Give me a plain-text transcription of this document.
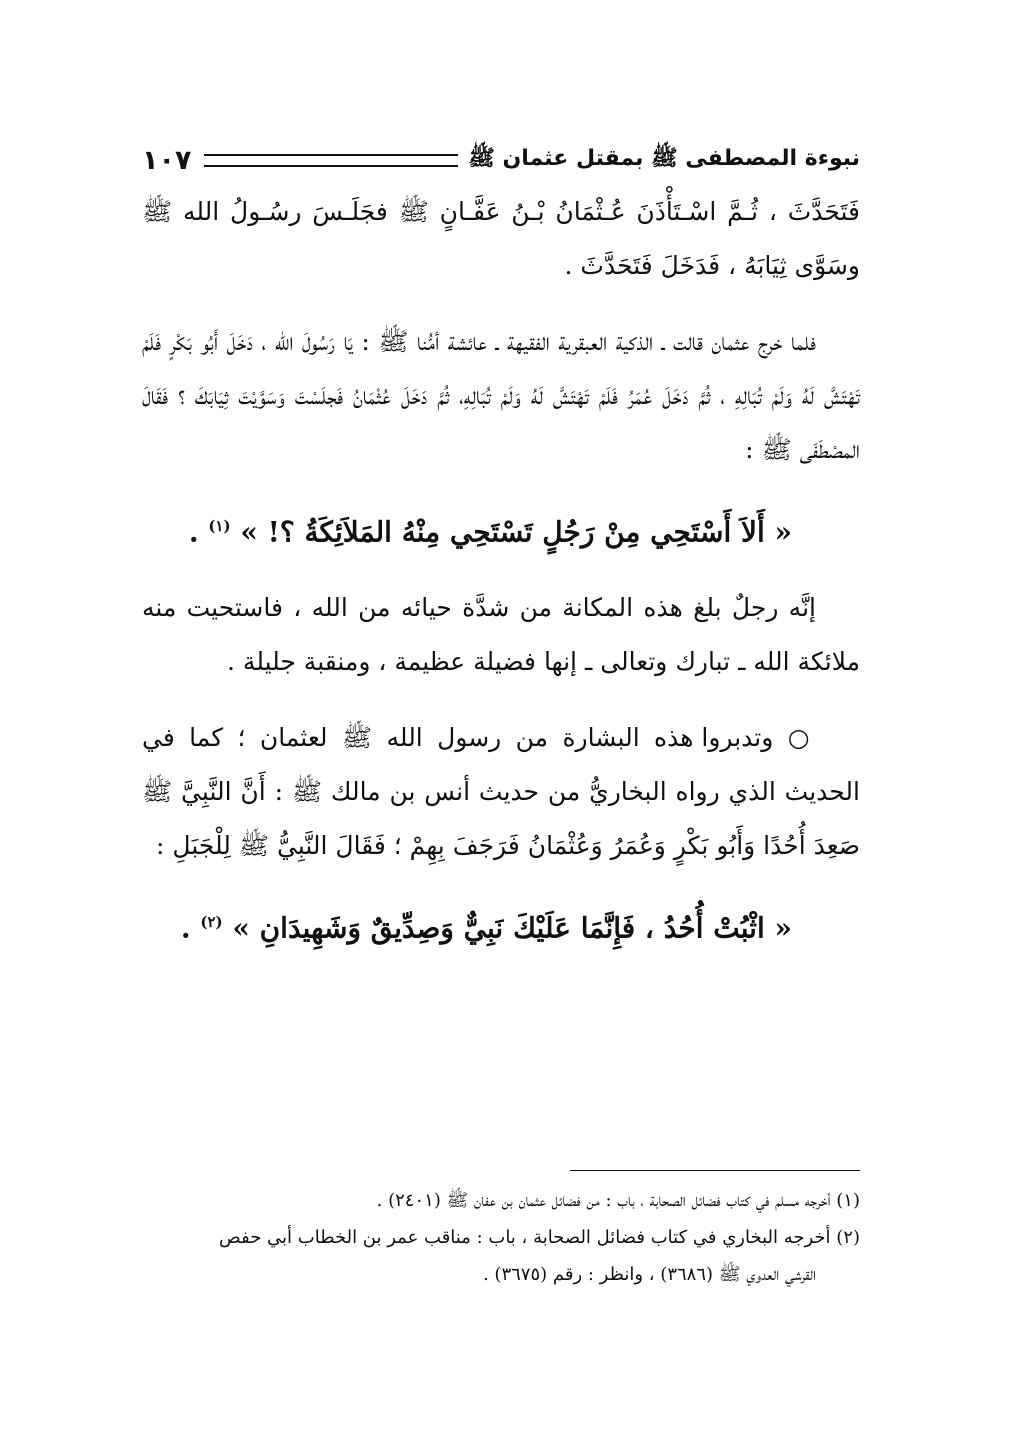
١٠٧	نبوءة المصطفى ﷺ بمقتل عثمان ﷺ

فَتَحَدَّثَ ، ثُـمَّ اسْـتَأْذَنَ عُـثْمَانُ بْـنُ عَفَّـانٍ ﷺ فجَلَـسَ رسُـولُ الله ﷺ وسَوَّى ثِيَابَهُ ، فَدَخَلَ فَتَحَدَّثَ .

فلما خرج عثمان قالت ـ الذكية العبقرية الفقيهة ـ عائشة أمُّنا ﷺ : يَا رَسُولَ الله ، دَخَلَ أَبُو بَكْرٍ فَلَمْ تَهْتَشَّ لَهُ وَلَمْ تُبَالِهِ ، ثُمَّ دَخَلَ عُمَرُ فَلَمْ تَهْتَشَّ لَهُ وَلَمْ تُبَالِهِ، ثُمَّ دَخَلَ عُثْمَانُ فَجلَسْتَ وَسَوَّيْتَ ثِيَابَكَ ؟ فَقَالَ المصْطَفَى ﷺ :

« أَلاَ أَسْتَحِي مِنْ رَجُلٍ تَسْتَحِي مِنْهُ المَلاَئِكَةُ ؟! » $^{(١)}$ .

إنَّه رجلٌ بلغ هذه المكانة من شدَّة حيائه من الله ، فاستحيت منه ملائكة الله ـ تبارك وتعالى ـ إنها فضيلة عظيمة ، ومنقبة جليلة .

○ وتدبروا هذه البشارة من رسول الله ﷺ لعثمان ؛ كما في الحديث الذي رواه البخاريُّ من حديث أنس بن مالك ﷺ : أَنَّ النَّبِيَّ ﷺ صَعِدَ أُحُدًا وَأَبُو بَكْرٍ وَعُمَرُ وَعُثْمَانُ فَرَجَفَ بِهِمْ ؛ فَقَالَ النَّبِيُّ ﷺ لِلْجَبَلِ :

« اثْبُتْ أُحُدُ ، فَإِنَّمَا عَلَيْكَ نَبِيٌّ وَصِدِّيقٌ وَشَهِيدَانِ » $^{(٢)}$ .

(١) أخرجه مسلم في كتاب فضائل الصحابة ، باب : من فضائل عثمان بن عفان ﷺ (٢٤٠١) .

(٢) أخرجه البخاري في كتاب فضائل الصحابة ، باب : مناقب عمر بن الخطاب أبي حفص
القرشي العدوي ﷺ (٣٦٨٦) ، وانظر : رقم (٣٦٧٥) .
